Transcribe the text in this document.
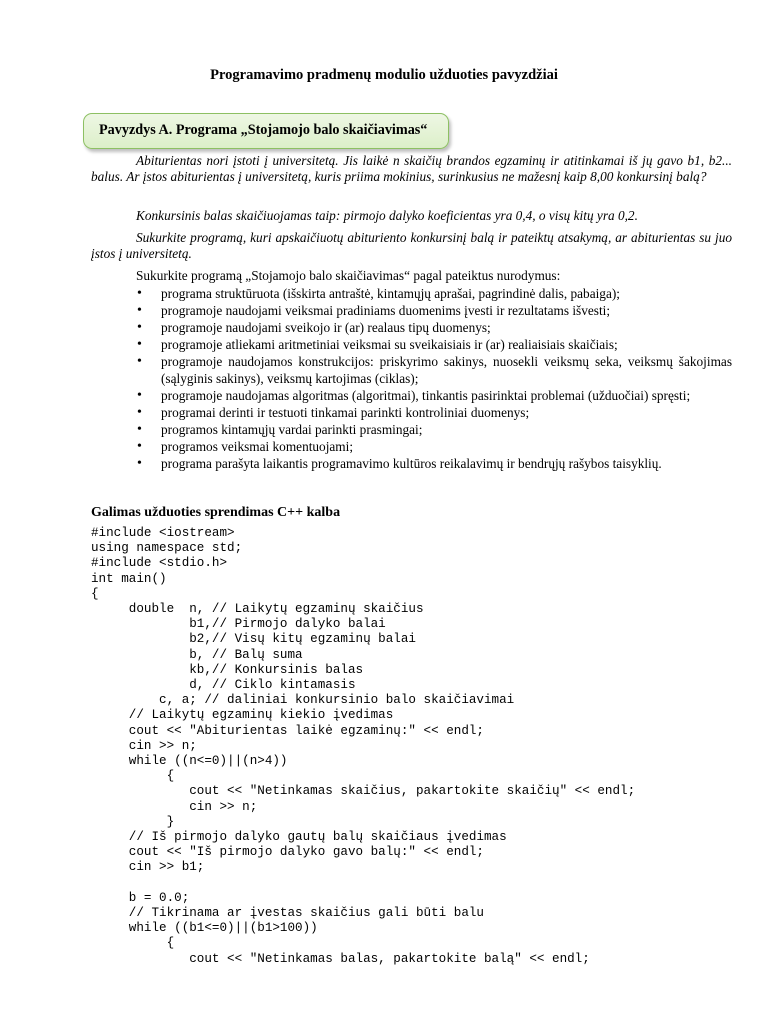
Programavimo pradmenų modulio užduoties pavyzdžiai
Pavyzdys A. Programa „Stojamojo balo skaičiavimas“
Abiturientas nori įstoti į universitetą. Jis laikė n skaičių brandos egzaminų ir atitinkamai iš jų gavo b1, b2... balus. Ar įstos abiturientas į universitetą, kuris priima mokinius, surinkusius ne mažesnį kaip 8,00 konkursinį balą?
Konkursinis balas skaičiuojamas taip: pirmojo dalyko koeficientas yra 0,4, o visų kitų yra 0,2.
Sukurkite programą, kuri apskaičiuotų abituriento konkursinį balą ir pateiktų atsakymą, ar abiturientas su juo įstos į universitetą.
Sukurkite programą „Stojamojo balo skaičiavimas“ pagal pateiktus nurodymus:
• programa struktūruota (išskirta antraštė, kintamųjų aprašai, pagrindinė dalis, pabaiga);
• programoje naudojami veiksmai pradiniams duomenims įvesti ir rezultatams išvesti;
• programoje naudojami sveikojo ir (ar) realaus tipų duomenys;
• programoje atliekami aritmetiniai veiksmai su sveikaisiais ir (ar) realiaisiais skaičiais;
• programoje naudojamos konstrukcijos: priskyrimo sakinys, nuosekli veiksmų seka, veiksmų šakojimas (sąlyginis sakinys), veiksmų kartojimas (ciklas);
• programoje naudojamas algoritmas (algoritmai), tinkantis pasirinktai problemai (užduočiai) spręsti;
• programai derinti ir testuoti tinkamai parinkti kontroliniai duomenys;
• programos kintamųjų vardai parinkti prasmingai;
• programos veiksmai komentuojami;
• programa parašyta laikantis programavimo kultūros reikalavimų ir bendrųjų rašybos taisyklių.
Galimas užduoties sprendimas C++ kalba
#include <iostream>
using namespace std;
#include <stdio.h>
int main()
{
double  n, // Laikytų egzaminų skaičius
b1,// Pirmojo dalyko balai
b2,// Visų kitų egzaminų balai
b, // Balų suma
kb,// Konkursinis balas
d, // Ciklo kintamasis
c, a; // daliniai konkursinio balo skaičiavimai
// Laikytų egzaminų kiekio įvedimas
cout << "Abiturientas laikė egzaminų:" << endl;
cin >> n;
while ((n<=0)||(n>4))
{
cout << "Netinkamas skaičius, pakartokite skaičių" << endl;
cin >> n;
}
// Iš pirmojo dalyko gautų balų skaičiaus įvedimas
cout << "Iš pirmojo dalyko gavo balų:" << endl;
cin >> b1;

b = 0.0;
// Tikrinama ar įvestas skaičius gali būti balu
while ((b1<=0)||(b1>100))
{
cout << "Netinkamas balas, pakartokite balą" << endl;
